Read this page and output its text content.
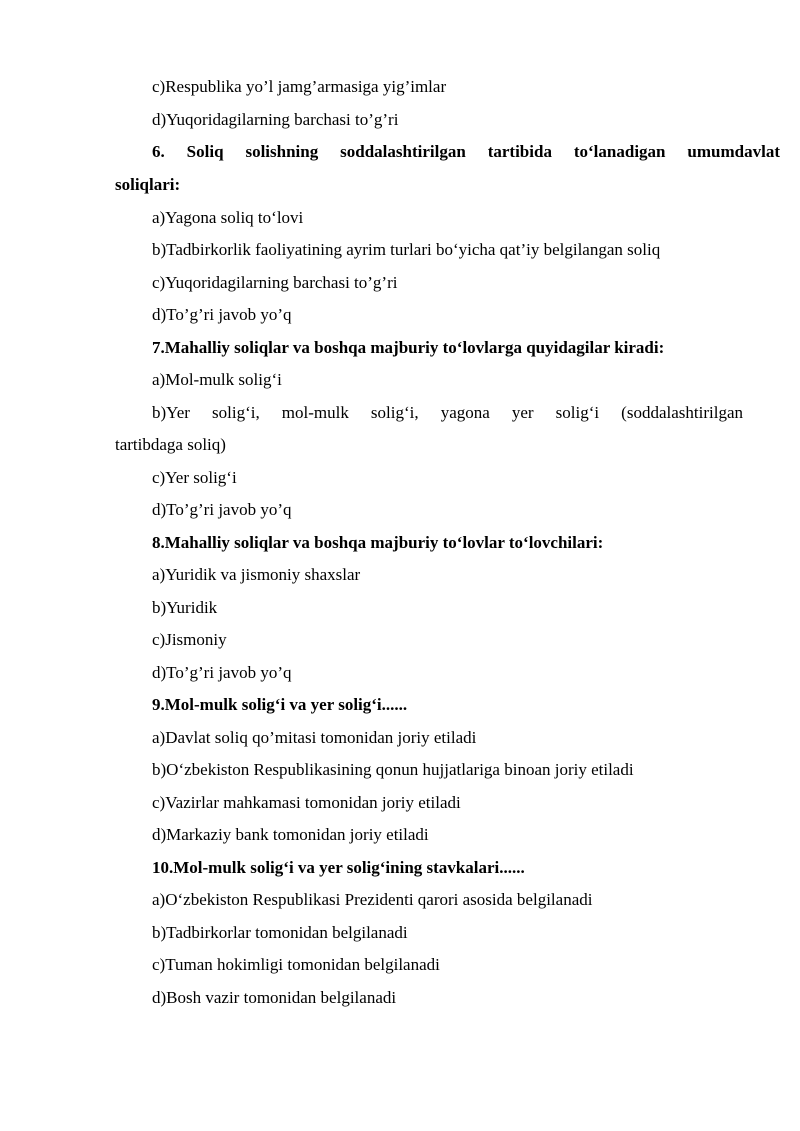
c)Respublika yo’l jamg’armasiga yig’imlar
d)Yuqoridagilarning barchasi to’g’ri
6. Soliq solishning soddalashtirilgan tartibida to‘lanadigan umumdavlat
soliqlari:
a)Yagona soliq to‘lovi
b)Tadbirkorlik faoliyatining ayrim turlari bo‘yicha qat’iy belgilangan soliq
c)Yuqoridagilarning barchasi to’g’ri
d)To’g’ri javob yo’q
7.Mahalliy soliqlar va boshqa majburiy to‘lovlarga quyidagilar kiradi:
a)Mol-mulk solig‘i
b)Yer solig‘i, mol-mulk solig‘i, yagona yer solig‘i (soddalashtirilgan
tartibdaga soliq)
c)Yer solig‘i
d)To’g’ri javob yo’q
8.Mahalliy soliqlar va boshqa majburiy to‘lovlar to‘lovchilari:
a)Yuridik va jismoniy shaxslar
b)Yuridik
c)Jismoniy
d)To’g’ri javob yo’q
9.Mol-mulk solig‘i va yer solig‘i......
a)Davlat soliq qo’mitasi tomonidan joriy etiladi
b)O‘zbekiston Respublikasining qonun hujjatlariga binoan joriy etiladi
c)Vazirlar mahkamasi tomonidan joriy etiladi
d)Markaziy bank tomonidan joriy etiladi
10.Mol-mulk solig‘i va yer solig‘ining stavkalari......
a)O‘zbekiston Respublikasi Prezidenti qarori asosida belgilanadi
b)Tadbirkorlar tomonidan belgilanadi
c)Tuman hokimligi tomonidan belgilanadi
d)Bosh vazir tomonidan belgilanadi
